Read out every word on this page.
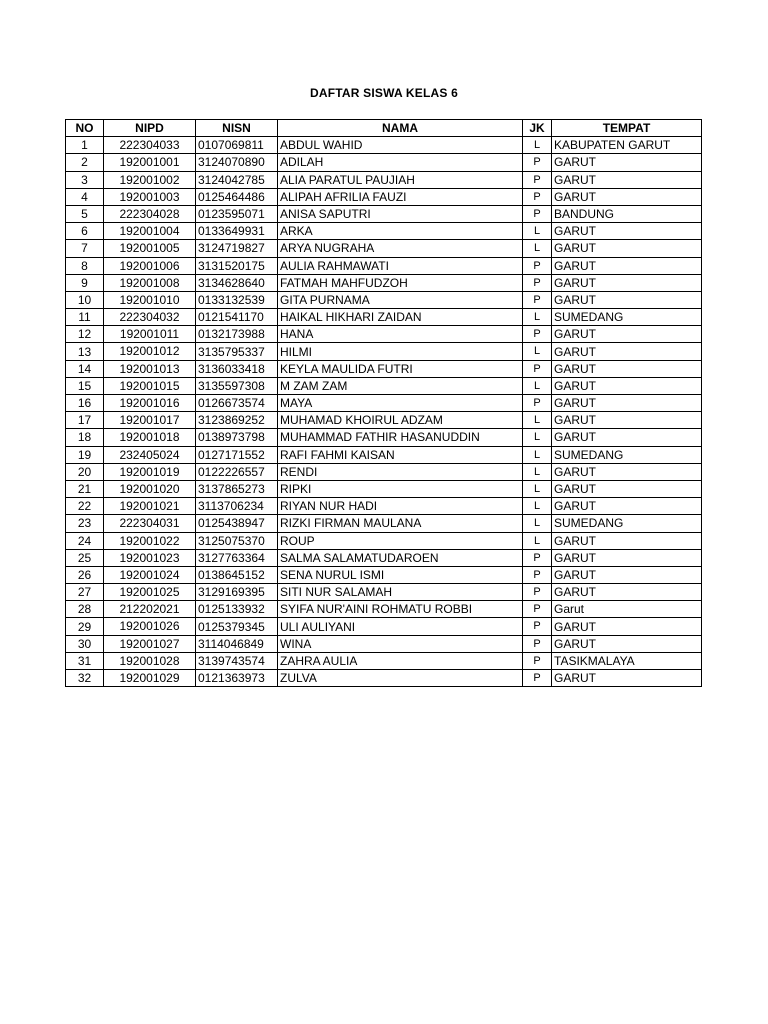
DAFTAR SISWA KELAS 6
NO	NIPD	NISN	NAMA	JK	TEMPAT
1	222304033	0107069811	ABDUL WAHID	L	KABUPATEN GARUT
2	192001001	3124070890	ADILAH	P	GARUT
3	192001002	3124042785	ALIA PARATUL PAUJIAH	P	GARUT
4	192001003	0125464486	ALIPAH AFRILIA FAUZI	P	GARUT
5	222304028	0123595071	ANISA SAPUTRI	P	BANDUNG
6	192001004	0133649931	ARKA	L	GARUT
7	192001005	3124719827	ARYA NUGRAHA	L	GARUT
8	192001006	3131520175	AULIA RAHMAWATI	P	GARUT
9	192001008	3134628640	FATMAH MAHFUDZOH	P	GARUT
10	192001010	0133132539	GITA PURNAMA	P	GARUT
11	222304032	0121541170	HAIKAL HIKHARI ZAIDAN	L	SUMEDANG
12	192001011	0132173988	HANA	P	GARUT
13	192001012	3135795337	HILMI	L	GARUT
14	192001013	3136033418	KEYLA MAULIDA FUTRI	P	GARUT
15	192001015	3135597308	M ZAM ZAM	L	GARUT
16	192001016	0126673574	MAYA	P	GARUT
17	192001017	3123869252	MUHAMAD KHOIRUL ADZAM	L	GARUT
18	192001018	0138973798	MUHAMMAD FATHIR HASANUDDIN	L	GARUT
19	232405024	0127171552	RAFI FAHMI KAISAN	L	SUMEDANG
20	192001019	0122226557	RENDI	L	GARUT
21	192001020	3137865273	RIPKI	L	GARUT
22	192001021	3113706234	RIYAN NUR HADI	L	GARUT
23	222304031	0125438947	RIZKI FIRMAN MAULANA	L	SUMEDANG
24	192001022	3125075370	ROUP	L	GARUT
25	192001023	3127763364	SALMA SALAMATUDAROEN	P	GARUT
26	192001024	0138645152	SENA NURUL ISMI	P	GARUT
27	192001025	3129169395	SITI NUR SALAMAH	P	GARUT
28	212202021	0125133932	SYIFA NUR'AINI ROHMATU ROBBI	P	Garut
29	192001026	0125379345	ULI AULIYANI	P	GARUT
30	192001027	3114046849	WINA	P	GARUT
31	192001028	3139743574	ZAHRA AULIA	P	TASIKMALAYA
32	192001029	0121363973	ZULVA	P	GARUT
